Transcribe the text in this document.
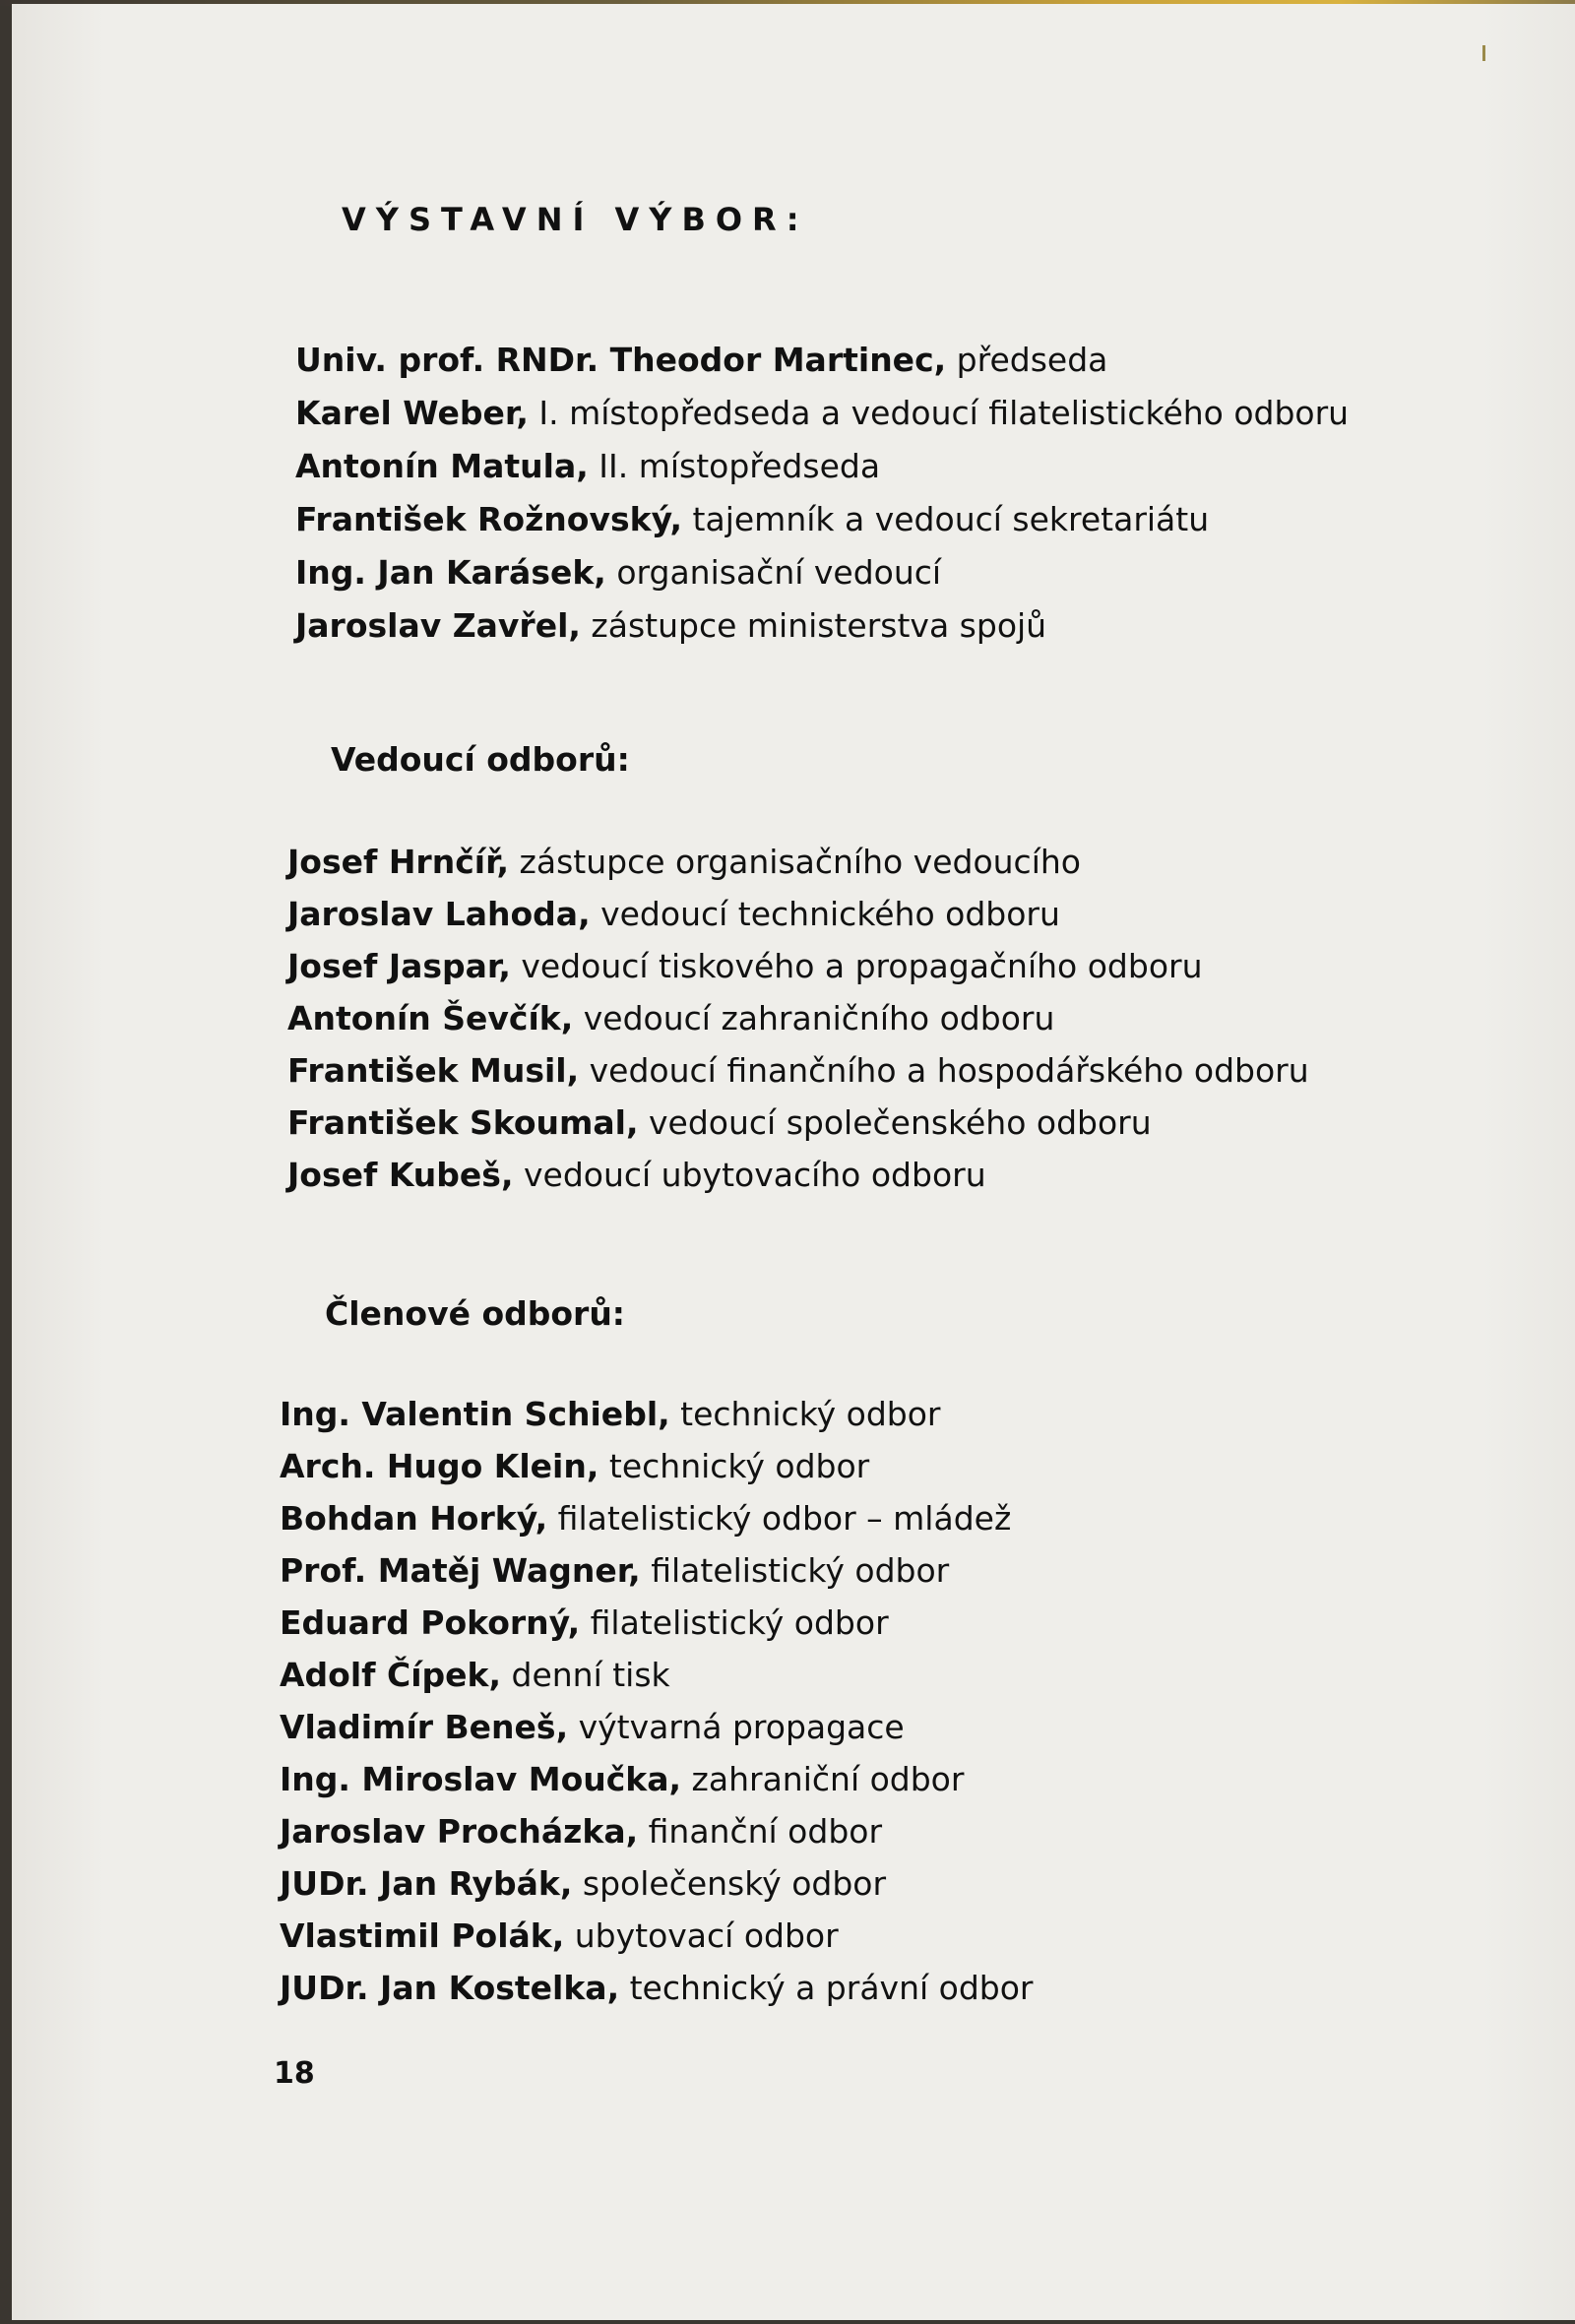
VÝSTAVNÍ VÝBOR:
Univ. prof. RNDr. Theodor Martinec, předseda
Karel Weber, I. místopředseda a vedoucí filatelistického odboru
Antonín Matula, II. místopředseda
František Rožnovský, tajemník a vedoucí sekretariátu
Ing. Jan Karásek, organisační vedoucí
Jaroslav Zavřel, zástupce ministerstva spojů
Vedoucí odborů:
Josef Hrnčíř, zástupce organisačního vedoucího
Jaroslav Lahoda, vedoucí technického odboru
Josef Jaspar, vedoucí tiskového a propagačního odboru
Antonín Ševčík, vedoucí zahraničního odboru
František Musil, vedoucí finančního a hospodářského odboru
František Skoumal, vedoucí společenského odboru
Josef Kubeš, vedoucí ubytovacího odboru
Členové odborů:
Ing. Valentin Schiebl, technický odbor
Arch. Hugo Klein, technický odbor
Bohdan Horký, filatelistický odbor – mládež
Prof. Matěj Wagner, filatelistický odbor
Eduard Pokorný, filatelistický odbor
Adolf Čípek, denní tisk
Vladimír Beneš, výtvarná propagace
Ing. Miroslav Moučka, zahraniční odbor
Jaroslav Procházka, finanční odbor
JUDr. Jan Rybák, společenský odbor
Vlastimil Polák, ubytovací odbor
JUDr. Jan Kostelka, technický a právní odbor
18
